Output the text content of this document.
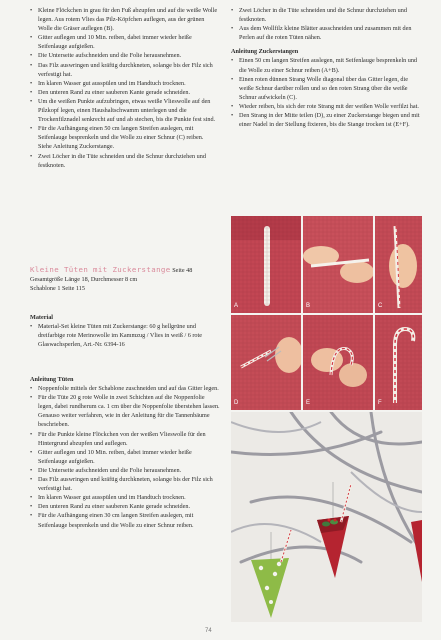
• Kleine Flöckchen in grau für den Fuß abzupfen und auf die weiße Wolle legen. Aus rotem Vlies das Pilz-Köpfchen auflegen, aus der grünen Wolle die Gräser auflegen (B).
• Gitter auflegen und 10 Min. reiben, dabei immer wieder heiße Seifenlauge aufgießen.
• Die Unterseite aufschneiden und die Folie herausnehmen.
• Das Filz auswringen und kräftig durchkneten, solange bis der Filz sich verfestigt hat.
• Im klaren Wasser gut ausspülen und im Handtuch trocknen.
• Den unteren Rand zu einer sauberen Kante gerade schneiden.
• Um die weißen Punkte aufzubringen, etwas weiße Vlieswolle auf den Pilzkopf legen, einen Haushaltschwamm unterlegen und die Trockenfilznadel senkrecht auf und ab stechen, bis die Punkte fest sind.
• Für die Aufhängung einen 50 cm langen Streifen auslegen, mit Seifenlauge besprenkeln und die Wolle zu einer Schnur (C) reiben. Siehe Anleitung Zuckerstange.
• Zwei Löcher in die Tüte schneiden und die Schnur durchziehen und festknoten.
• Zwei Löcher in die Tüte schneiden und die Schnur durchziehen und festknoten.
• Aus dem Wollfilz kleine Blätter ausschneiden und zusammen mit den Perlen auf die roten Tüten nähen.

Anleitung Zuckerstangen

• Einen 50 cm langen Streifen auslegen, mit Seifenlauge besprenkeln und die Wolle zu einer Schnur reiben (A+B).
• Einen roten dünnen Strang Wolle diagonal über das Gitter legen, die weiße Schnur darüber rollen und so den roten Strang über die weiße Schnur aufwickeln (C).
• Wieder reiben, bis sich der rote Strang mit der weißen Wolle verfilzt hat.
• Den Strang in der Mitte teilen (D), zu einer Zuckerstange biegen und mit einer Nadel in der Stellung fixieren, bis die Stange trocken ist (E+F).
Kleine Tüten mit Zuckerstange Seite 48
Gesamtgröße Länge 18, Durchmesser 8 cm
Schablone 1 Seite 115

Material

• Material-Set kleine Tüten mit Zuckerstange: 60 g hellgrüne und dreifarbige rote Merinowolle im Kammzug / Vlies in weiß / 6 rote Glaswachsperlen, Art.-Nr. 6394-16

Anleitung Tüten

• Noppenfolie mittels der Schablone zuschneiden und auf das Gitter legen.
• Für die Tüte 20 g rote Wolle in zwei Schichten auf die Noppenfolie legen, dabei rundherum ca. 1 cm über die Noppenfolie überstehen lassen.
Genauso weiter verfahren, wie in der Anleitung für die Tannenbäume beschrieben.
• Für die Punkte kleine Flöckchen von der weißen Vlieswolle für den Hintergrund abzupfen und auflegen.
• Gitter auflegen und 10 Min. reiben, dabei immer wieder heiße Seifenlauge aufgießen.
• Die Unterseite aufschneiden und die Folie herausnehmen.
• Das Filz auswringen und kräftig durchkneten, solange bis der Filz sich verfestigt hat.
• Im klaren Wasser gut ausspülen und im Handtuch trocknen.
• Den unteren Rand zu einer sauberen Kante gerade schneiden.
• Für die Aufhängung einen 30 cm langen Streifen auslegen, mit Seifenlauge besprenkeln und die Wolle zu einer Schnur reiben.
A	B	C
D	E	F
74
